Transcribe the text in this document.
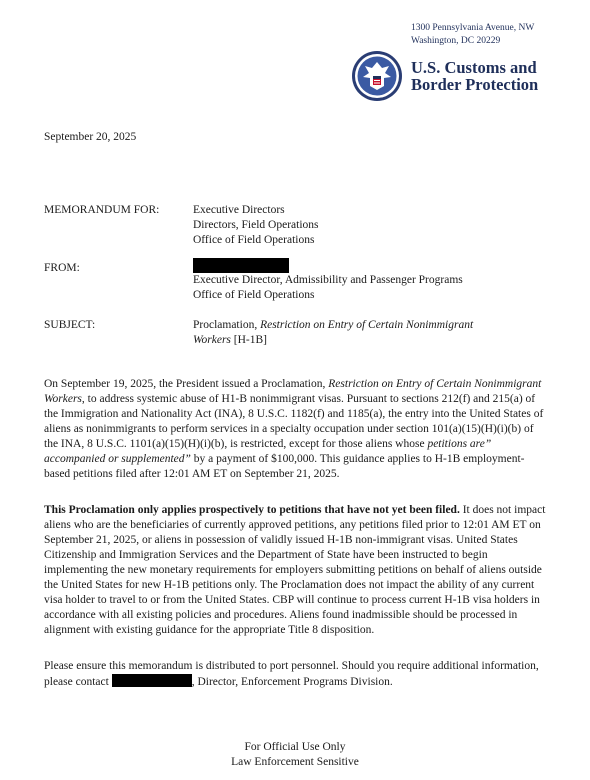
1300 Pennsylvania Avenue, NW
Washington, DC 20229
U.S. Customs and
Border Protection
September 20, 2025
MEMORANDUM FOR:	Executive Directors
Directors, Field Operations
Office of Field Operations
FROM:
Executive Director, Admissibility and Passenger Programs
Office of Field Operations
SUBJECT:	Proclamation, Restriction on Entry of Certain Nonimmigrant Workers [H-1B]

On September 19, 2025, the President issued a Proclamation, Restriction on Entry of Certain Nonimmigrant Workers, to address systemic abuse of H1-B nonimmigrant visas. Pursuant to sections 212(f) and 215(a) of the Immigration and Nationality Act (INA), 8 U.S.C. 1182(f) and 1185(a), the entry into the United States of aliens as nonimmigrants to perform services in a specialty occupation under section 101(a)(15)(H)(i)(b) of the INA, 8 U.S.C. 1101(a)(15)(H)(i)(b), is restricted, except for those aliens whose petitions are” accompanied or supplemented” by a payment of $100,000. This guidance applies to H-1B employment-based petitions filed after 12:01 AM ET on September 21, 2025.

This Proclamation only applies prospectively to petitions that have not yet been filed. It does not impact aliens who are the beneficiaries of currently approved petitions, any petitions filed prior to 12:01 AM ET on September 21, 2025, or aliens in possession of validly issued H-1B non-immigrant visas. United States Citizenship and Immigration Services and the Department of State have been instructed to begin implementing the new monetary requirements for employers submitting petitions on behalf of aliens outside the United States for new H-1B petitions only. The Proclamation does not impact the ability of any current visa holder to travel to or from the United States. CBP will continue to process current H-1B visa holders in accordance with all existing policies and procedures. Aliens found inadmissible should be processed in alignment with existing guidance for the appropriate Title 8 disposition.

Please ensure this memorandum is distributed to port personnel. Should you require additional information, please contact	, Director, Enforcement Programs Division.

For Official Use Only
Law Enforcement Sensitive
